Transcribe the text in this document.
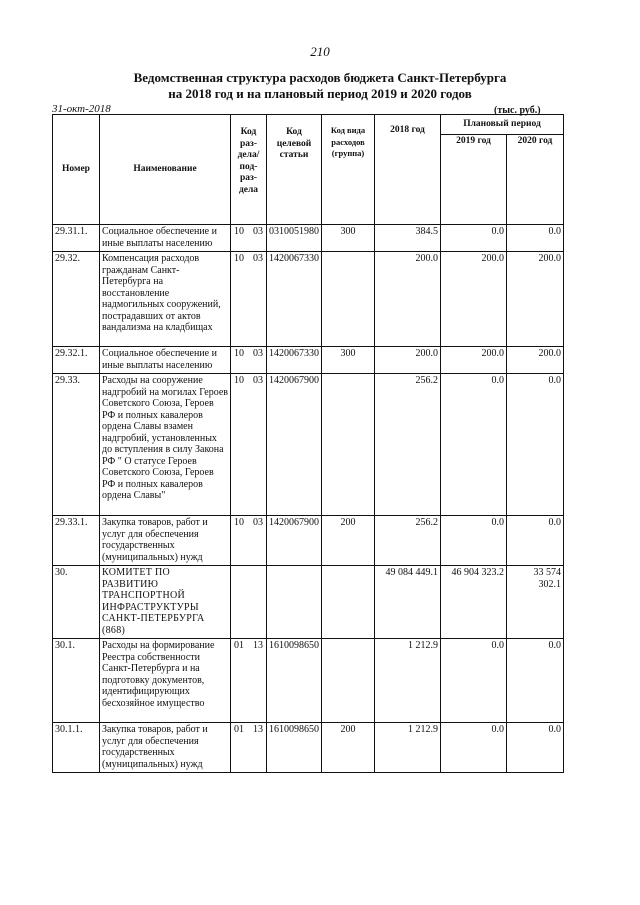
210
Ведомственная структура расходов бюджета Санкт-Петербурга
на 2018 год и на плановый период 2019 и 2020 годов
31-окт-2018	(тыс. руб.)
Номер	Наименование	Код раз-дела/ под-раз-дела	Код целевой статьи	Код вида расходов (группа)	2018 год	Плановый период	
						2019 год	2020 год
29.31.1.	Социальное обеспечение и иные выплаты населению	10 03	0310051980	300	384.5	0.0	0.0
29.32.	Компенсация расходов гражданам Санкт-Петербурга на восстановление надмогильных сооружений, пострадавших от актов вандализма на кладбищах	10 03	1420067330		200.0	200.0	200.0
29.32.1.	Социальное обеспечение и иные выплаты населению	10 03	1420067330	300	200.0	200.0	200.0
29.33.	Расходы на сооружение надгробий на могилах Героев Советского Союза, Героев РФ и полных кавалеров ордена Славы взамен надгробий, установленных до вступления в силу Закона РФ " О статусе Героев Советского Союза, Героев РФ и полных кавалеров ордена Славы"	10 03	1420067900		256.2	0.0	0.0
29.33.1.	Закупка товаров, работ и услуг для обеспечения государственных (муниципальных) нужд	10 03	1420067900	200	256.2	0.0	0.0
30.	КОМИТЕТ ПО РАЗВИТИЮ ТРАНСПОРТНОЙ ИНФРАСТРУКТУРЫ САНКТ-ПЕТЕРБУРГА (868)				49 084 449.1	46 904 323.2	33 574 302.1
30.1.	Расходы на формирование Реестра собственности Санкт-Петербурга и на подготовку документов, идентифицирующих бесхозяйное имущество	01 13	1610098650		1 212.9	0.0	0.0
30.1.1.	Закупка товаров, работ и услуг для обеспечения государственных (муниципальных) нужд	01 13	1610098650	200	1 212.9	0.0	0.0
